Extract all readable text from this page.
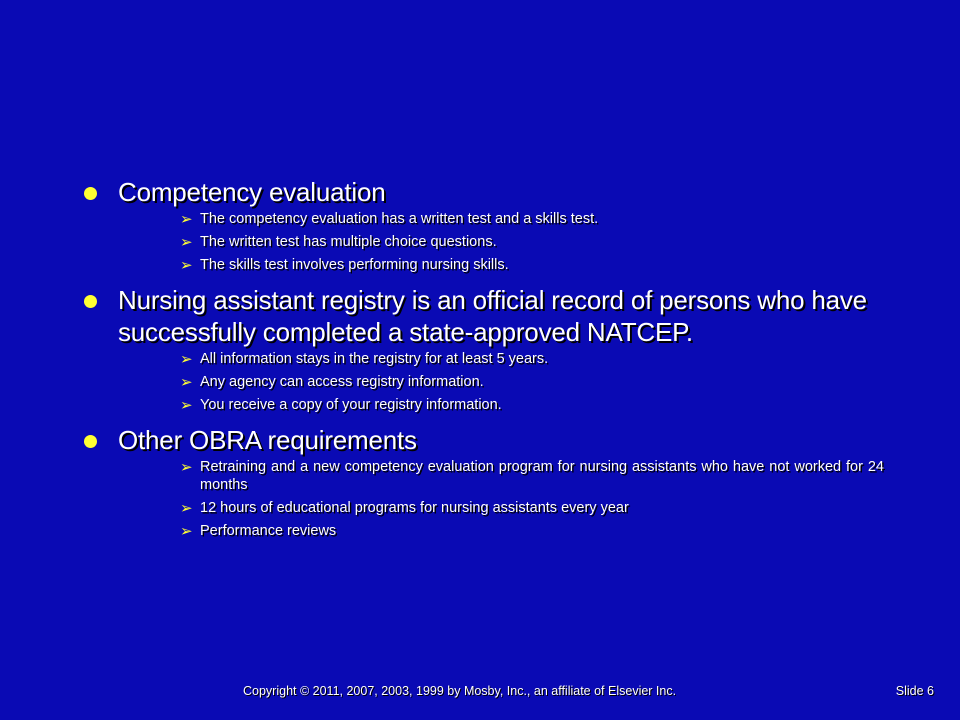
Competency evaluation
➢ The competency evaluation has a written test and a skills test.
➢ The written test has multiple choice questions.
➢ The skills test involves performing nursing skills.
Nursing assistant registry is an official record of persons who have successfully completed a state-approved NATCEP.
➢ All information stays in the registry for at least 5 years.
➢ Any agency can access registry information.
➢ You receive a copy of your registry information.
Other OBRA requirements
➢ Retraining and a new competency evaluation program for nursing assistants who have not worked for 24 months
➢ 12 hours of educational programs for nursing assistants every year
➢ Performance reviews
Copyright © 2011, 2007, 2003, 1999 by Mosby, Inc., an affiliate of Elsevier Inc.	Slide 6
